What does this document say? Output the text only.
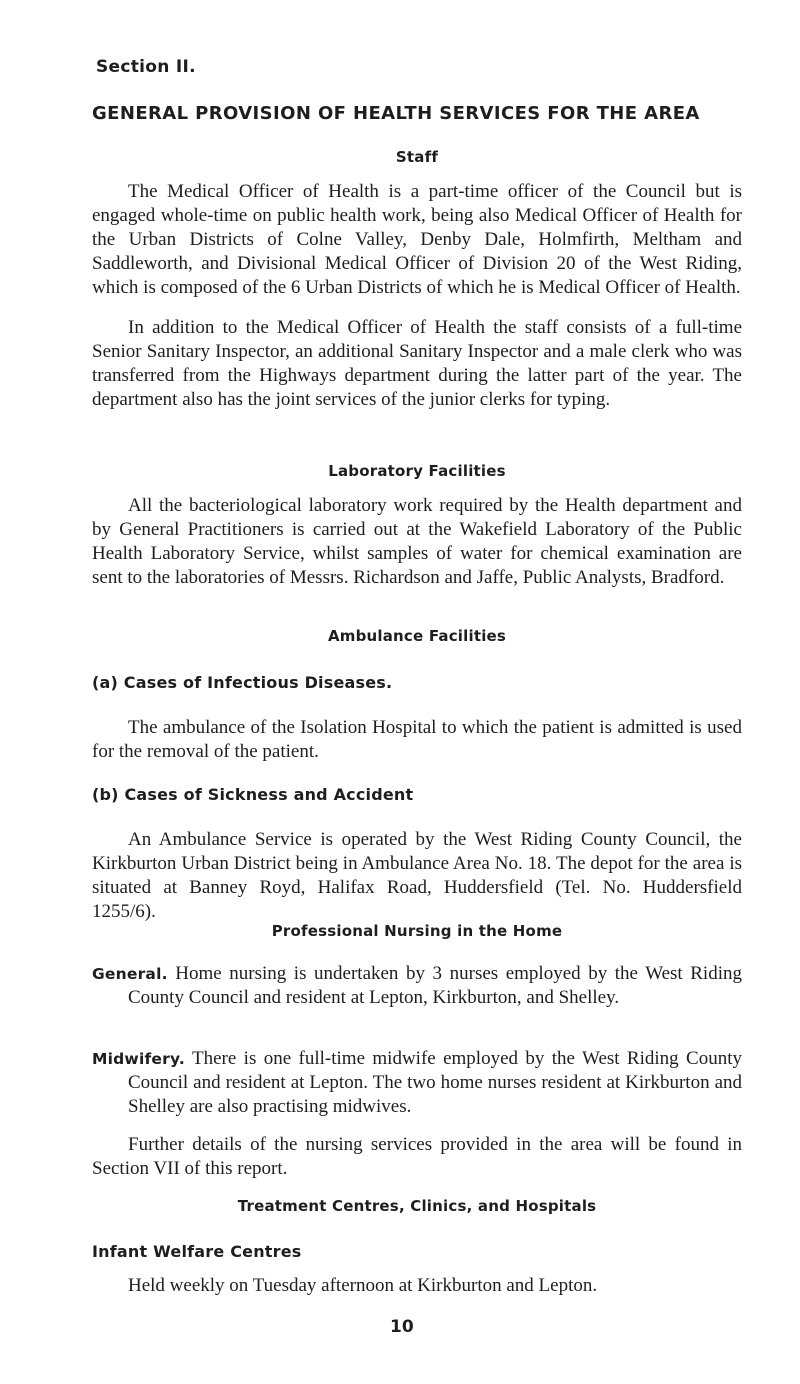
Section II.
GENERAL PROVISION OF HEALTH SERVICES FOR THE AREA
Staff
The Medical Officer of Health is a part-time officer of the Council but is engaged whole-time on public health work, being also Medical Officer of Health for the Urban Districts of Colne Valley, Denby Dale, Holmfirth, Meltham and Saddleworth, and Divisional Medical Officer of Division 20 of the West Riding, which is composed of the 6 Urban Districts of which he is Medical Officer of Health.
In addition to the Medical Officer of Health the staff consists of a full-time Senior Sanitary Inspector, an additional Sanitary Inspector and a male clerk who was transferred from the Highways department during the latter part of the year. The department also has the joint services of the junior clerks for typing.
Laboratory Facilities
All the bacteriological laboratory work required by the Health department and by General Practitioners is carried out at the Wakefield Laboratory of the Public Health Laboratory Service, whilst samples of water for chemical examination are sent to the laboratories of Messrs. Richardson and Jaffe, Public Analysts, Bradford.
Ambulance Facilities
(a) Cases of Infectious Diseases.
The ambulance of the Isolation Hospital to which the patient is admitted is used for the removal of the patient.
(b) Cases of Sickness and Accident
An Ambulance Service is operated by the West Riding County Council, the Kirkburton Urban District being in Ambulance Area No. 18. The depot for the area is situated at Banney Royd, Halifax Road, Huddersfield (Tel. No. Huddersfield 1255/6).
Professional Nursing in the Home
General. Home nursing is undertaken by 3 nurses employed by the West Riding County Council and resident at Lepton, Kirkburton, and Shelley.
Midwifery. There is one full-time midwife employed by the West Riding County Council and resident at Lepton. The two home nurses resident at Kirkburton and Shelley are also practising midwives.
Further details of the nursing services provided in the area will be found in Section VII of this report.
Treatment Centres, Clinics, and Hospitals
Infant Welfare Centres
Held weekly on Tuesday afternoon at Kirkburton and Lepton.
10
